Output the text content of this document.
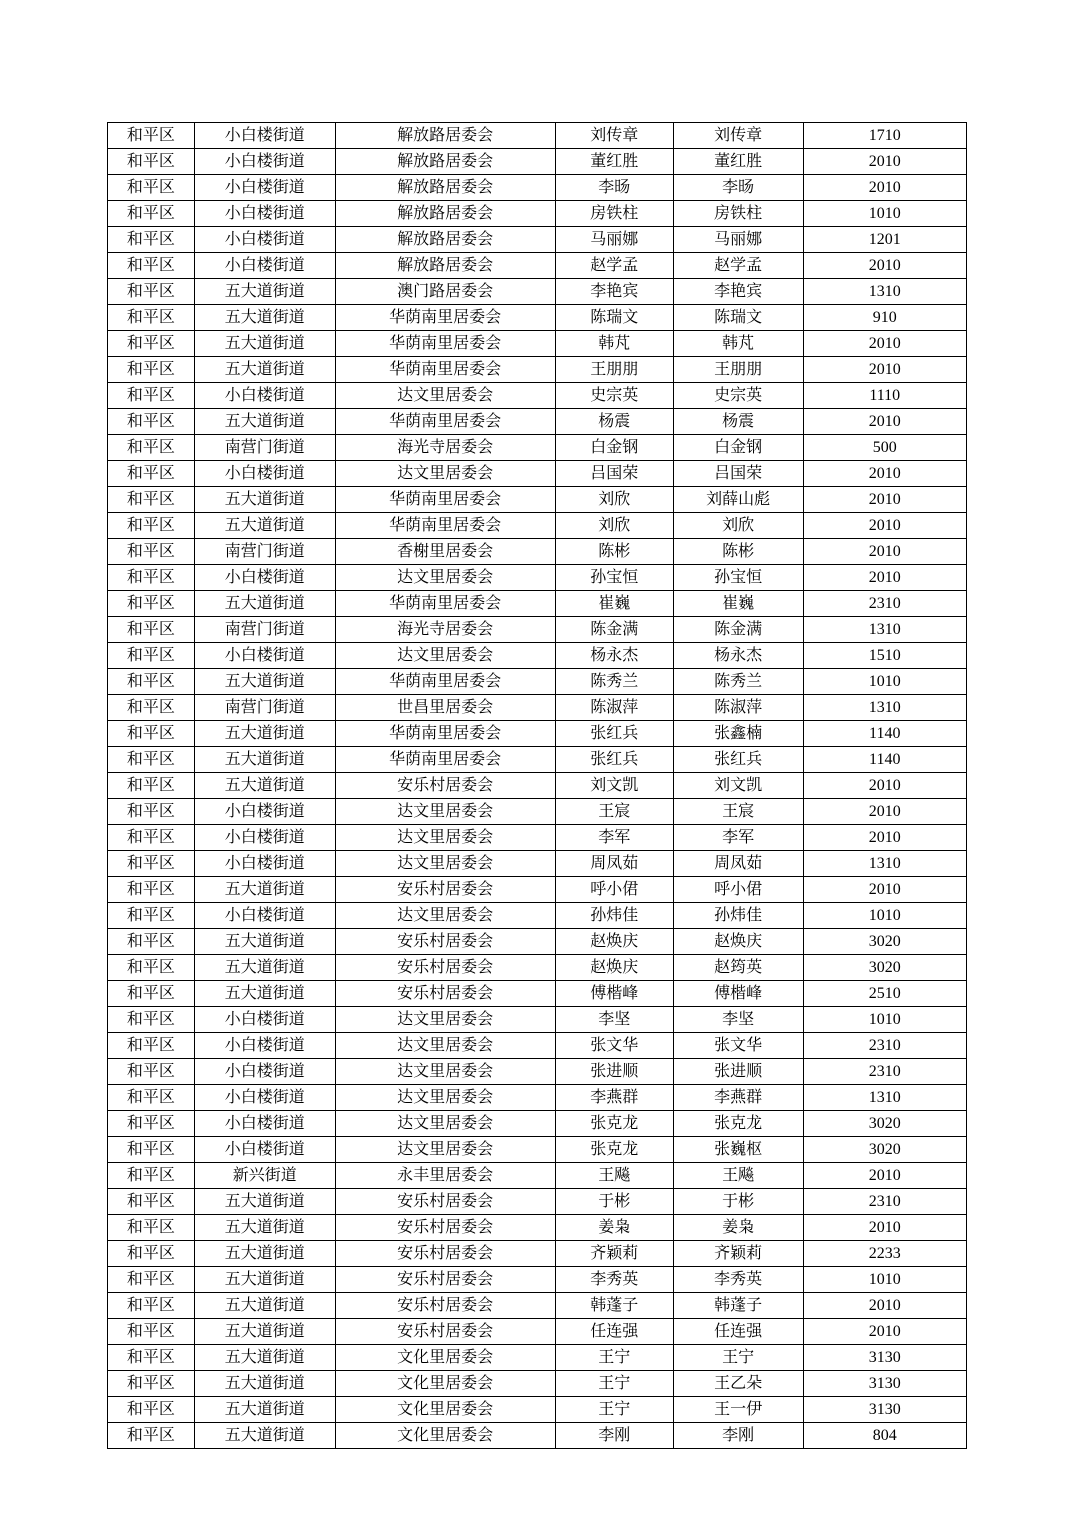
和平区	小白楼街道	解放路居委会	刘传章	刘传章	1710
和平区	小白楼街道	解放路居委会	董红胜	董红胜	2010
和平区	小白楼街道	解放路居委会	李旸	李旸	2010
和平区	小白楼街道	解放路居委会	房铁柱	房铁柱	1010
和平区	小白楼街道	解放路居委会	马丽娜	马丽娜	1201
和平区	小白楼街道	解放路居委会	赵学孟	赵学孟	2010
和平区	五大道街道	澳门路居委会	李艳宾	李艳宾	1310
和平区	五大道街道	华荫南里居委会	陈瑞文	陈瑞文	910
和平区	五大道街道	华荫南里居委会	韩芃	韩芃	2010
和平区	五大道街道	华荫南里居委会	王朋朋	王朋朋	2010
和平区	小白楼街道	达文里居委会	史宗英	史宗英	1110
和平区	五大道街道	华荫南里居委会	杨震	杨震	2010
和平区	南营门街道	海光寺居委会	白金钢	白金钢	500
和平区	小白楼街道	达文里居委会	吕国荣	吕国荣	2010
和平区	五大道街道	华荫南里居委会	刘欣	刘薛山彪	2010
和平区	五大道街道	华荫南里居委会	刘欣	刘欣	2010
和平区	南营门街道	香榭里居委会	陈彬	陈彬	2010
和平区	小白楼街道	达文里居委会	孙宝恒	孙宝恒	2010
和平区	五大道街道	华荫南里居委会	崔巍	崔巍	2310
和平区	南营门街道	海光寺居委会	陈金满	陈金满	1310
和平区	小白楼街道	达文里居委会	杨永杰	杨永杰	1510
和平区	五大道街道	华荫南里居委会	陈秀兰	陈秀兰	1010
和平区	南营门街道	世昌里居委会	陈淑萍	陈淑萍	1310
和平区	五大道街道	华荫南里居委会	张红兵	张鑫楠	1140
和平区	五大道街道	华荫南里居委会	张红兵	张红兵	1140
和平区	五大道街道	安乐村居委会	刘文凯	刘文凯	2010
和平区	小白楼街道	达文里居委会	王宸	王宸	2010
和平区	小白楼街道	达文里居委会	李军	李军	2010
和平区	小白楼街道	达文里居委会	周凤茹	周凤茹	1310
和平区	五大道街道	安乐村居委会	呼小侰	呼小侰	2010
和平区	小白楼街道	达文里居委会	孙炜佳	孙炜佳	1010
和平区	五大道街道	安乐村居委会	赵焕庆	赵焕庆	3020
和平区	五大道街道	安乐村居委会	赵焕庆	赵筠英	3020
和平区	五大道街道	安乐村居委会	傅楷峰	傅楷峰	2510
和平区	小白楼街道	达文里居委会	李坚	李坚	1010
和平区	小白楼街道	达文里居委会	张文华	张文华	2310
和平区	小白楼街道	达文里居委会	张进顺	张进顺	2310
和平区	小白楼街道	达文里居委会	李燕群	李燕群	1310
和平区	小白楼街道	达文里居委会	张克龙	张克龙	3020
和平区	小白楼街道	达文里居委会	张克龙	张巍枢	3020
和平区	新兴街道	永丰里居委会	王飚	王飚	2010
和平区	五大道街道	安乐村居委会	于彬	于彬	2310
和平区	五大道街道	安乐村居委会	姜枭	姜枭	2010
和平区	五大道街道	安乐村居委会	齐颖莉	齐颖莉	2233
和平区	五大道街道	安乐村居委会	李秀英	李秀英	1010
和平区	五大道街道	安乐村居委会	韩蓬子	韩蓬子	2010
和平区	五大道街道	安乐村居委会	任连强	任连强	2010
和平区	五大道街道	文化里居委会	王宁	王宁	3130
和平区	五大道街道	文化里居委会	王宁	王乙朵	3130
和平区	五大道街道	文化里居委会	王宁	王一伊	3130
和平区	五大道街道	文化里居委会	李刚	李刚	804
